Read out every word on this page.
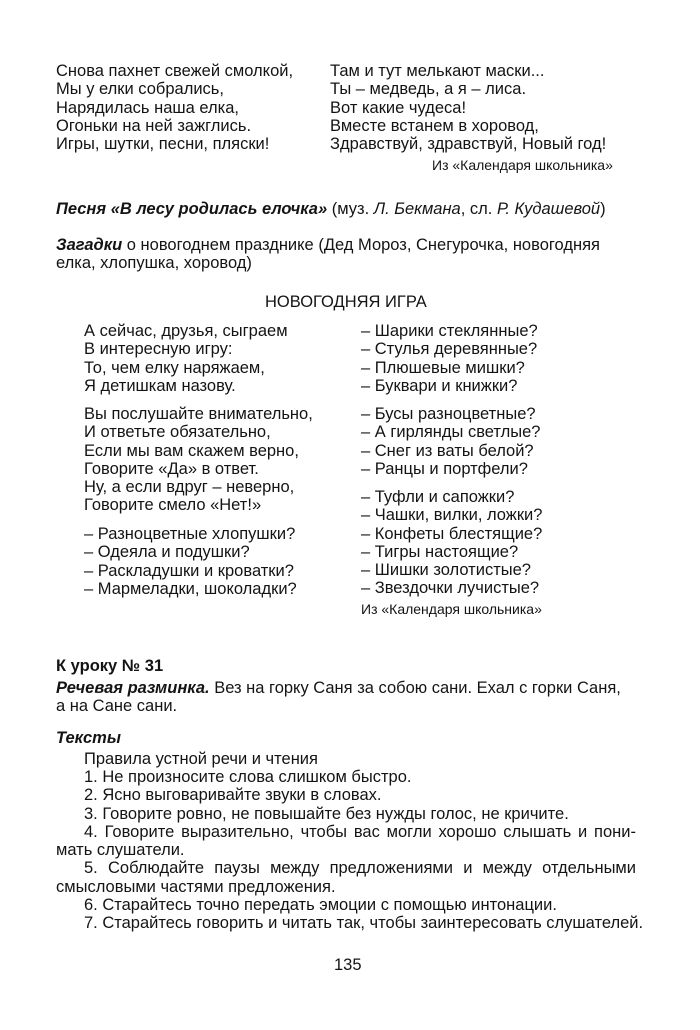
Снова пахнет свежей смолкой,
Мы у елки собрались,
Нарядилась наша елка,
Огоньки на ней зажглись.
Игры, шутки, песни, пляски!
Там и тут мелькают маски...
Ты – медведь, а я – лиса.
Вот какие чудеса!
Вместе встанем в хоровод,
Здравствуй, здравствуй, Новый год!
Из «Календаря школьника»
Песня «В лесу родилась елочка» (муз. Л. Бекмана, сл. Р. Кудашевой)
Загадки о новогоднем празднике (Дед Мороз, Снегурочка, новогодняя
елка, хлопушка, хоровод)
НОВОГОДНЯЯ ИГРА
А сейчас, друзья, сыграем
В интересную игру:
То, чем елку наряжаем,
Я детишкам назову.
Вы послушайте внимательно,
И ответьте обязательно,
Если мы вам скажем верно,
Говорите «Да» в ответ.
Ну, а если вдруг – неверно,
Говорите смело «Нет!»
– Разноцветные хлопушки?
– Одеяла и подушки?
– Раскладушки и кроватки?
– Мармеладки, шоколадки?
– Шарики стеклянные?
– Стулья деревянные?
– Плюшевые мишки?
– Буквари и книжки?
– Бусы разноцветные?
– А гирлянды светлые?
– Снег из ваты белой?
– Ранцы и портфели?
– Туфли и сапожки?
– Чашки, вилки, ложки?
– Конфеты блестящие?
– Тигры настоящие?
– Шишки золотистые?
– Звездочки лучистые?
Из «Календаря школьника»
К уроку № 31
Речевая разминка. Вез на горку Саня за собою сани. Ехал с горки Саня,
а на Сане сани.
Тексты
Правила устной речи и чтения
1. Не произносите слова слишком быстро.
2. Ясно выговаривайте звуки в словах.
3. Говорите ровно, не повышайте без нужды голос, не кричите.
4. Говорите выразительно, чтобы вас могли хорошо слышать и пони-
мать слушатели.
5. Соблюдайте паузы между предложениями и между отдельными
смысловыми частями предложения.
6. Старайтесь точно передать эмоции с помощью интонации.
7. Старайтесь говорить и читать так, чтобы заинтересовать слушателей.
135
